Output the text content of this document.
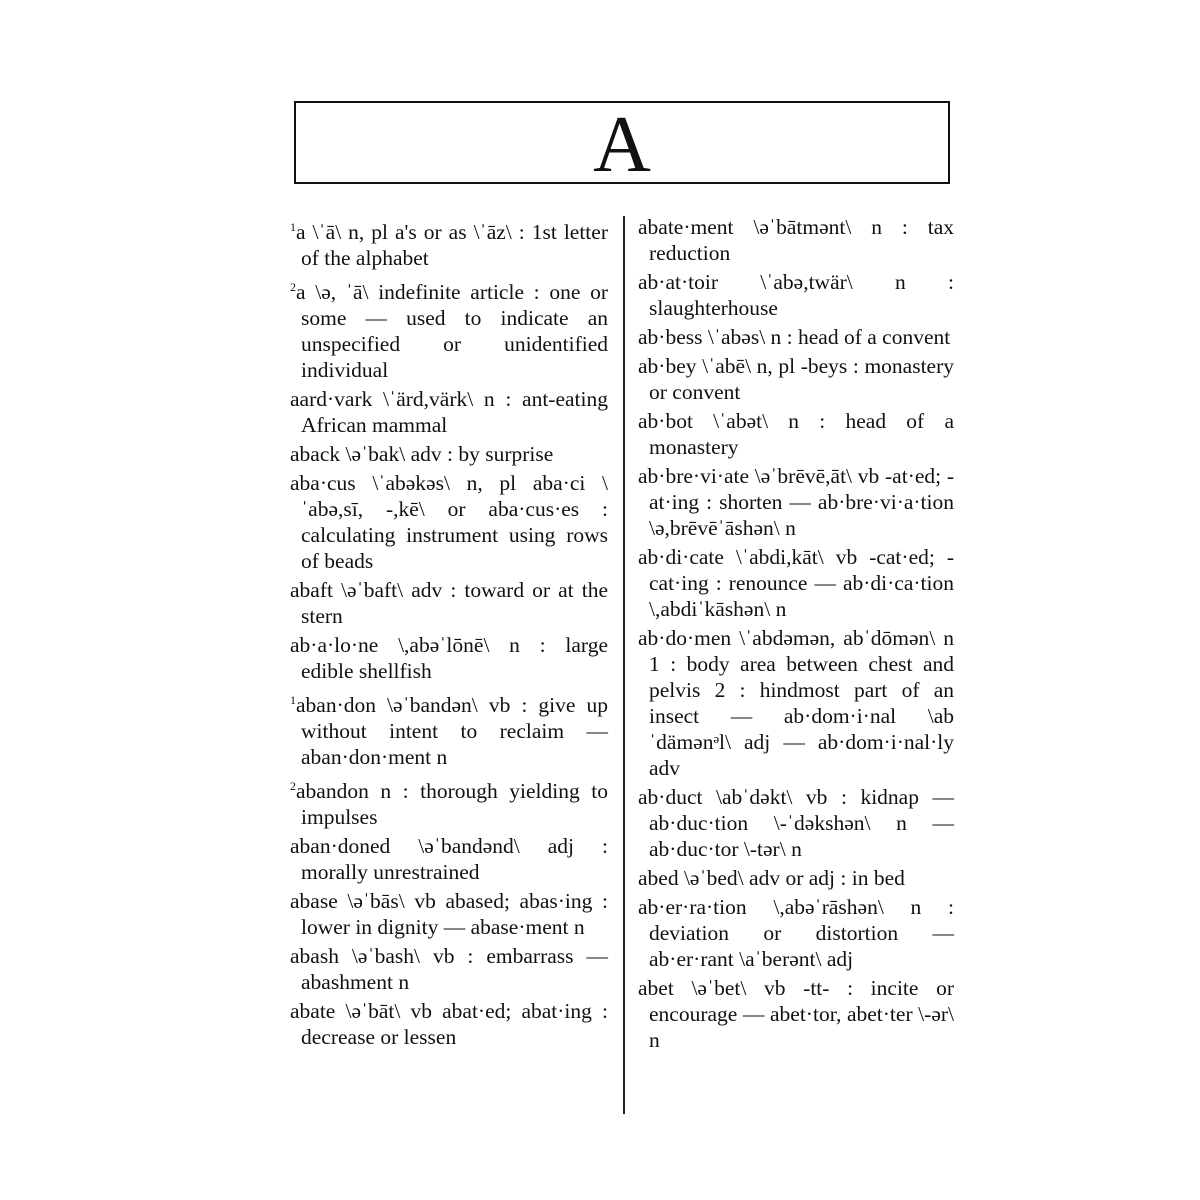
A

$^1$a \ˈā\ n, pl a's or as \ˈāz\ : 1st letter of the alphabet

$^2$a \ə, ˈā\ indefinite article : one or some — used to indicate an unspecified or unidentified individual

aard·vark \ˈärd,värk\ n : ant-eating African mammal

aback \əˈbak\ adv : by surprise

aba·cus \ˈabəkəs\ n, pl aba·ci \ˈabə,sī, -,kē\ or aba·cus·es : calculating instrument using rows of beads

abaft \əˈbaft\ adv : toward or at the stern

ab·a·lo·ne \,abəˈlōnē\ n : large edible shellfish

$^1$aban·don \əˈbandən\ vb : give up without intent to reclaim — aban·don·ment n

$^2$abandon n : thorough yielding to impulses

aban·doned \əˈbandənd\ adj : morally unrestrained

abase \əˈbās\ vb abased; abas·ing : lower in dignity — abase·ment n

abash \əˈbash\ vb : embarrass — abashment n

abate \əˈbāt\ vb abat·ed; abat·ing : decrease or lessen

abate·ment \əˈbātmənt\ n : tax reduction

ab·at·toir \ˈabə,twär\ n : slaughterhouse

ab·bess \ˈabəs\ n : head of a convent

ab·bey \ˈabē\ n, pl -beys : monastery or convent

ab·bot \ˈabət\ n : head of a monastery

ab·bre·vi·ate \əˈbrēvē,āt\ vb -at·ed; -at·ing : shorten — ab·bre·vi·a·tion \ə,brēvēˈāshən\ n

ab·di·cate \ˈabdi,kāt\ vb -cat·ed; -cat·ing : renounce — ab·di·ca·tion \,abdiˈkāshən\ n

ab·do·men \ˈabdəmən, abˈdōmən\ n 1 : body area between chest and pelvis 2 : hindmost part of an insect — ab·dom·i·nal \abˈdämənᵊl\ adj — ab·dom·i·nal·ly adv

ab·duct \abˈdəkt\ vb : kidnap — ab·duc·tion \-ˈdəkshən\ n — ab·duc·tor \-tər\ n

abed \əˈbed\ adv or adj : in bed

ab·er·ra·tion \,abəˈrāshən\ n : deviation or distortion — ab·er·rant \aˈberənt\ adj

abet \əˈbet\ vb -tt- : incite or encourage — abet·tor, abet·ter \-ər\ n
